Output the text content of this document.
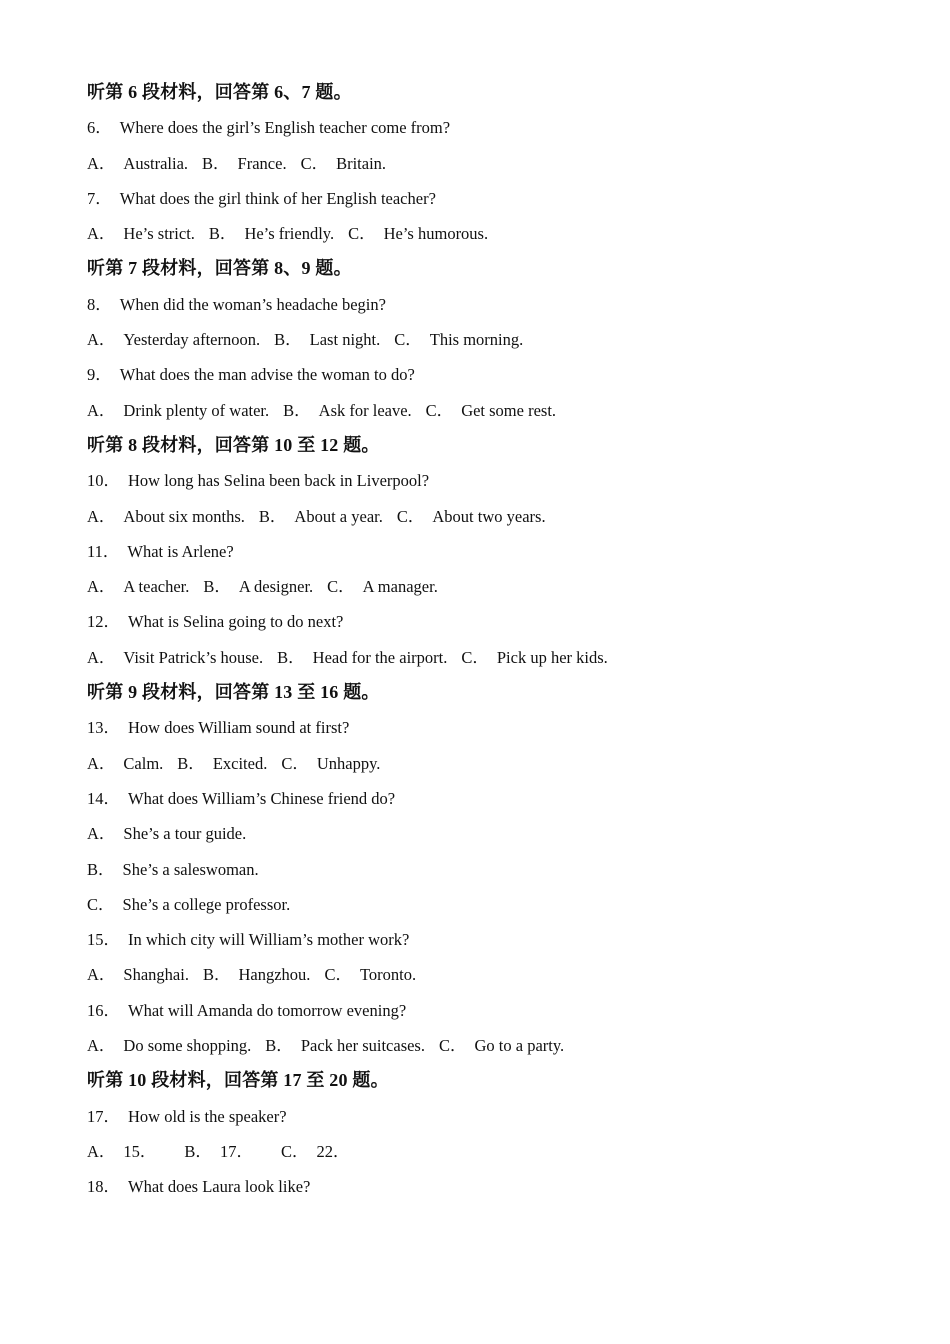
听第 6 段材料，回答第 6、7 题。
6． Where does the girl’s English teacher come from?
A． Australia. B． France. C． Britain.
7． What does the girl think of her English teacher?
A． He’s strict. B． He’s friendly. C． He’s humorous.
听第 7 段材料，回答第 8、9 题。
8． When did the woman’s headache begin?
A． Yesterday afternoon. B． Last night. C． This morning.
9． What does the man advise the woman to do?
A． Drink plenty of water. B． Ask for leave. C． Get some rest.
听第 8 段材料，回答第 10 至 12 题。
10． How long has Selina been back in Liverpool?
A． About six months. B． About a year. C． About two years.
11． What is Arlene?
A． A teacher. B． A designer. C． A manager.
12． What is Selina going to do next?
A． Visit Patrick’s house. B． Head for the airport. C． Pick up her kids.
听第 9 段材料，回答第 13 至 16 题。
13． How does William sound at first?
A． Calm. B． Excited. C． Unhappy.
14． What does William’s Chinese friend do?
A． She’s a tour guide.
B． She’s a saleswoman.
C． She’s a college professor.
15． In which city will William’s mother work?
A． Shanghai. B． Hangzhou. C． Toronto.
16． What will Amanda do tomorrow evening?
A． Do some shopping. B． Pack her suitcases. C． Go to a party.
听第 10 段材料，回答第 17 至 20 题。
17． How old is the speaker?
A． 15． B． 17． C． 22．
18． What does Laura look like?
